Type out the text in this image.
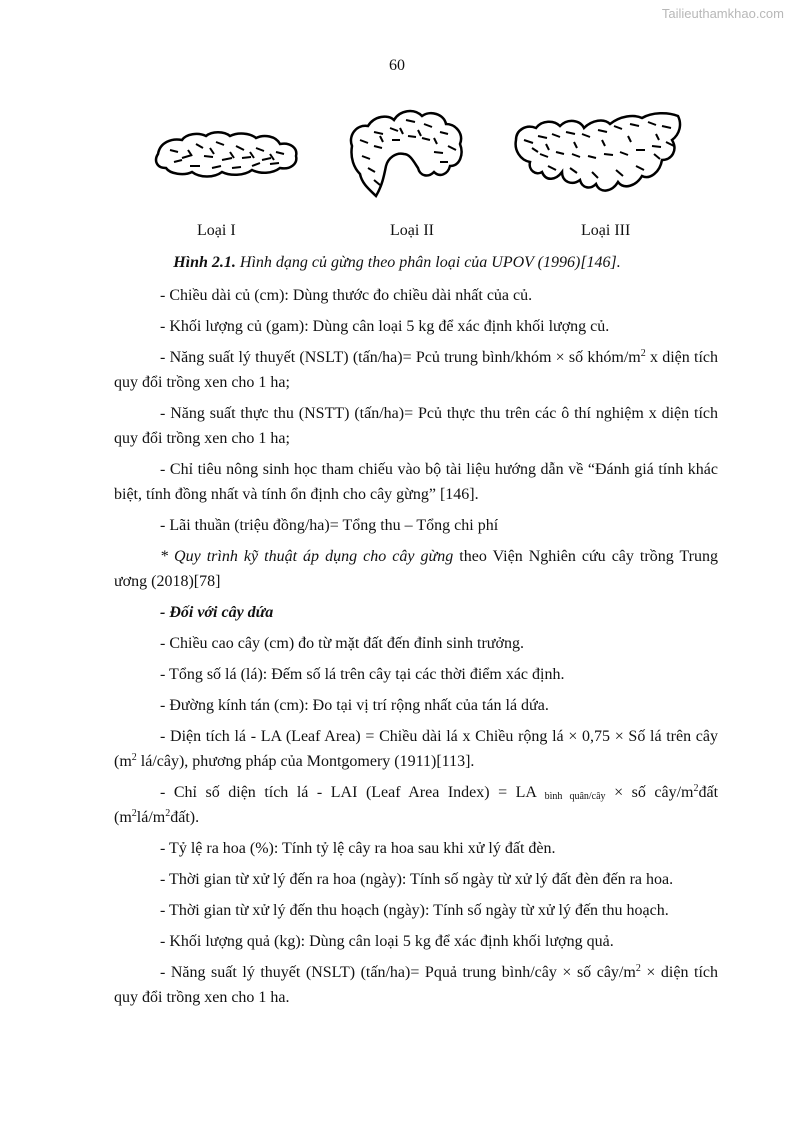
Tailieuthamkhao.com
60
Loại I	Loại II	Loại III
Hình 2.1. Hình dạng củ gừng theo phân loại của UPOV (1996)[146].

- Chiều dài củ (cm): Dùng thước đo chiều dài nhất của củ.

- Khối lượng củ (gam): Dùng cân loại 5 kg để xác định khối lượng củ.

- Năng suất lý thuyết (NSLT) (tấn/ha)= Pcủ trung bình/khóm × số khóm/$m^2$ x diện tích quy đổi trồng xen cho 1 ha;

- Năng suất thực thu (NSTT) (tấn/ha)= Pcủ thực thu trên các ô thí nghiệm x diện tích quy đổi trồng xen cho 1 ha;

- Chỉ tiêu nông sinh học tham chiếu vào bộ tài liệu hướng dẫn về “Đánh giá tính khác biệt, tính đồng nhất và tính ổn định cho cây gừng” [146].

- Lãi thuần (triệu đồng/ha)= Tổng thu – Tổng chi phí

* Quy trình kỹ thuật áp dụng cho cây gừng theo Viện Nghiên cứu cây trồng Trung ương (2018)[78]

- Đối với cây dứa

- Chiều cao cây (cm) đo từ mặt đất đến đỉnh sinh trưởng.

- Tổng số lá (lá): Đếm số lá trên cây tại các thời điểm xác định.

- Đường kính tán (cm): Đo tại vị trí rộng nhất của tán lá dứa.

- Diện tích lá - LA (Leaf Area) = Chiều dài lá x Chiều rộng lá × 0,75 × Số lá trên cây ($m^2$ lá/cây), phương pháp của Montgomery (1911)[113].

- Chỉ số diện tích lá - LAI (Leaf Area Index) = LA $_{bình quân/cây}$ × số cây/$m^2đất$ $(m^2lá/m^2đất)$.

- Tỷ lệ ra hoa (%): Tính tỷ lệ cây ra hoa sau khi xử lý đất đèn.

- Thời gian từ xử lý đến ra hoa (ngày): Tính số ngày từ xử lý đất đèn đến ra hoa.

- Thời gian từ xử lý đến thu hoạch (ngày): Tính số ngày từ xử lý đến thu hoạch.

- Khối lượng quả (kg): Dùng cân loại 5 kg để xác định khối lượng quả.

- Năng suất lý thuyết (NSLT) (tấn/ha)= Pquả trung bình/cây × số cây/$m^2$ × diện tích quy đổi trồng xen cho 1 ha.
